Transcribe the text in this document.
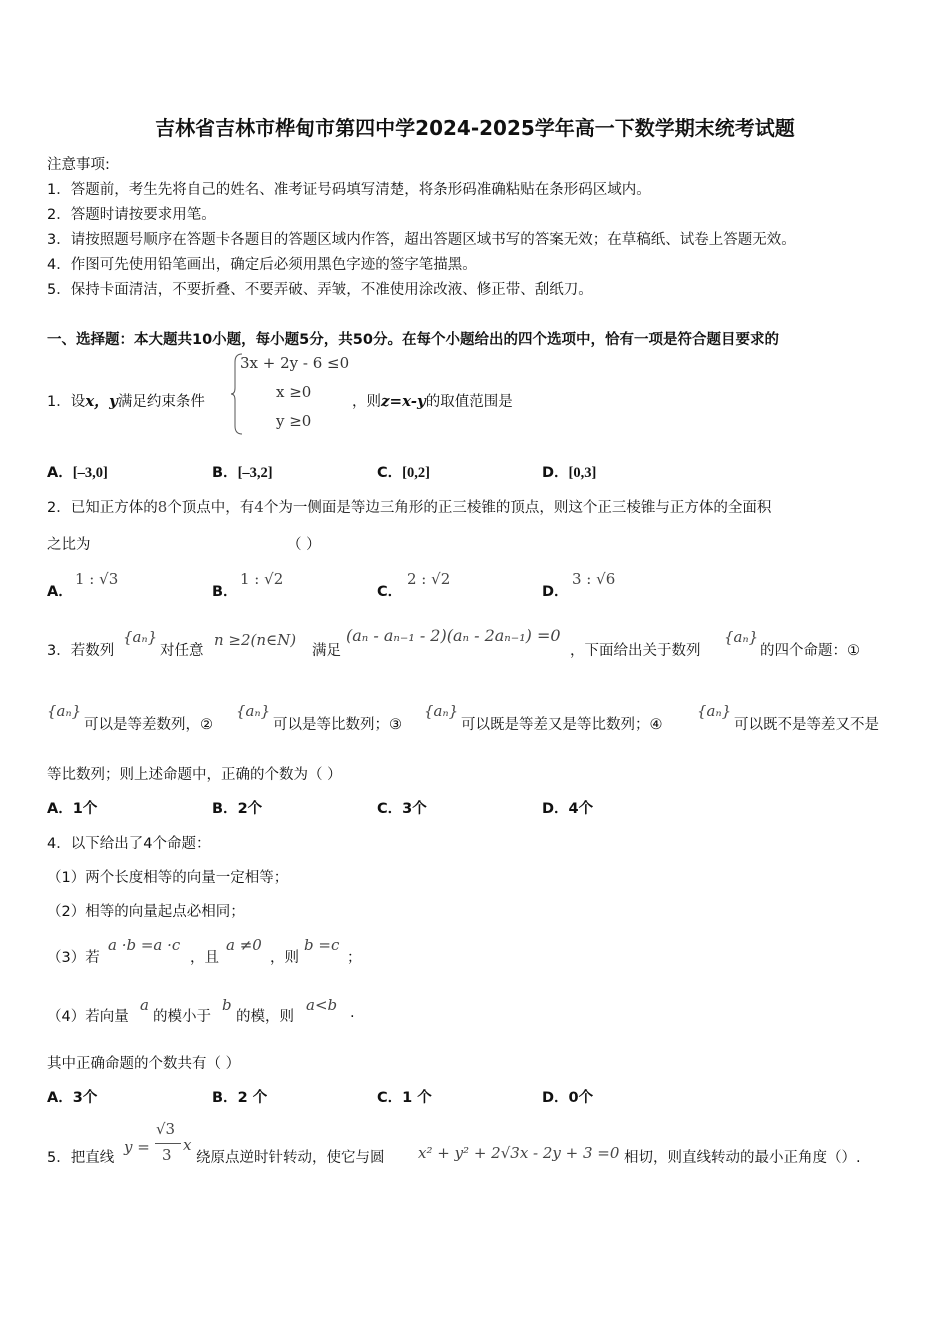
吉林省吉林市桦甸市第四中学2024-2025学年高一下数学期末统考试题
注意事项:
1．答题前，考生先将自己的姓名、准考证号码填写清楚，将条形码准确粘贴在条形码区域内。
2．答题时请按要求用笔。
3．请按照题号顺序在答题卡各题目的答题区域内作答，超出答题区域书写的答案无效；在草稿纸、试卷上答题无效。
4．作图可先使用铅笔画出，确定后必须用黑色字迹的签字笔描黑。
5．保持卡面清洁，不要折叠、不要弄破、弄皱，不准使用涂改液、修正带、刮纸刀。
一、选择题：本大题共10小题，每小题5分，共50分。在每个小题给出的四个选项中，恰有一项是符合题目要求的
1．设x，y满足约束条件
3x + 2y - 6 ≤0
x ≥0
y ≥0
，则z=x-y的取值范围是
A．[–3,0]	B．[–3,2]	C．[0,2]	D．[0,3]
2．已知正方体的8个顶点中，有4个为一侧面是等边三角形的正三棱锥的顶点，则这个正三棱锥与正方体的全面积
之比为	（ ）
A．
1 : √3
B．
1 : √2
C．
2 : √2
D．
3 : √6
3．若数列
{aₙ}
对任意
n ≥2(n∈N)
满足
(aₙ - aₙ₋₁ - 2)(aₙ - 2aₙ₋₁) =0
，下面给出关于数列
{aₙ}
的四个命题：①
{aₙ}
可以是等差数列，②
{aₙ}
可以是等比数列；③
{aₙ}
可以既是等差又是等比数列；④
{aₙ}
可以既不是等差又不是
等比数列；则上述命题中，正确的个数为（ ）
A．1个	B．2个	C．3个	D．4个
4．以下给出了4个命题：
（1）两个长度相等的向量一定相等；
（2）相等的向量起点必相同；
（3）若
a ·b =a ·c
，且
a ≠0
，则
b =c
；
（4）若向量
a
的模小于
b
的模，则
a<b .
其中正确命题的个数共有（ ）
A．3个	B．2 个	C．1 个	D．0个
5．把直线
y =
√3
3
x
绕原点逆时针转动，使它与圆 x² + y² + 2√3x - 2y + 3 =0 相切，则直线转动的最小正角度（）.
